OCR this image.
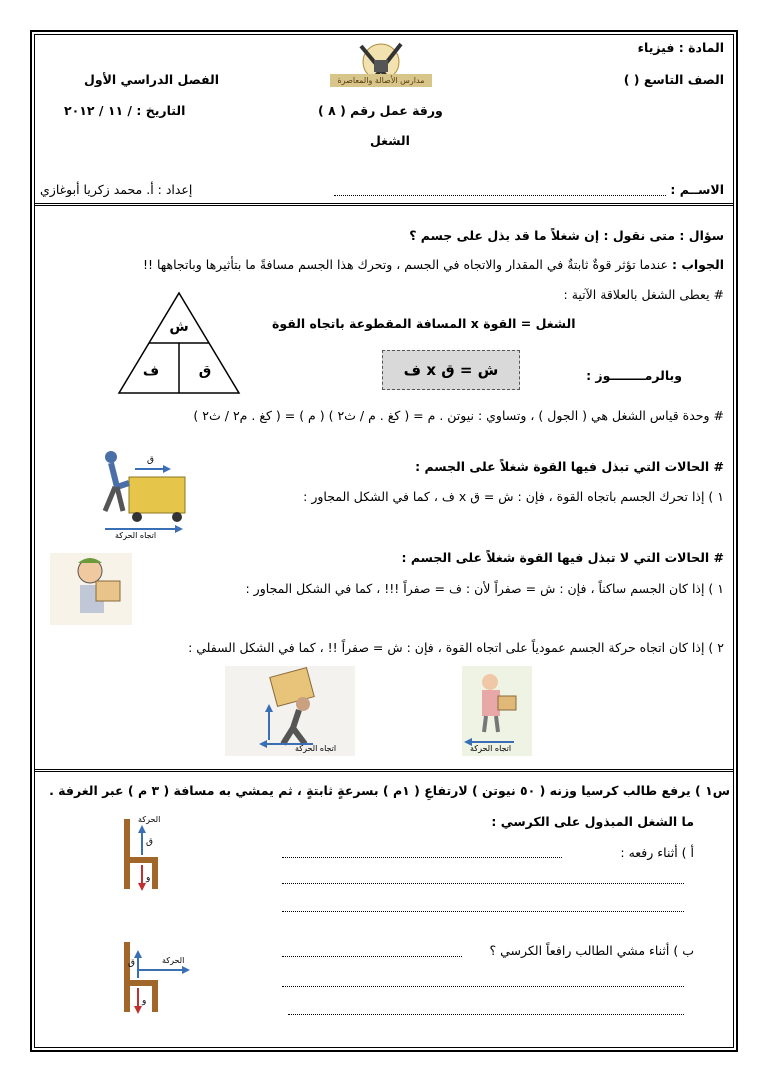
المادة : فيزياء
الصف التاسع ( )
الفصل الدراسي الأول
التاريخ : / ١١ / ٢٠١٢	ورقة عمل رقم ( ٨ )
الشغل
مدارس الأصالة والمعاصرة
الاســم :
إعداد : أ. محمد زكريا أبوغازي
سؤال : متى نقول : إن شغلاً ما قد بذل على جسم ؟
الجواب : عندما تؤثر قوةٌ ثابتةٌ في المقدار والاتجاه في الجسم ، وتحرك هذا الجسم مسافةً ما بتأثيرها وباتجاهها !!
# يعطى الشغل بالعلاقة الآتية :
الشغل = القوة x المسافة المقطوعة باتجاه القوة
ش
ف	ق	وبالرمــــــــوز :
ش = ق x ف
# وحدة قياس الشغل هي ( الجول ) ، وتساوي : نيوتن . م = ( كغ . م / ث٢ ) ( م ) = ( كغ . م٢ / ث٢ )
# الحالات التي تبذل فيها القوة شغلاً على الجسم :
١ ) إذا تحرك الجسم باتجاه القوة ، فإن : ش = ق x ف ، كما في الشكل المجاور :
ق
اتجاه الحركة
# الحالات التي لا تبذل فيها القوة شغلاً على الجسم :
١ ) إذا كان الجسم ساكناً ، فإن : ش = صفراً لأن : ف = صفراً !!! ، كما في الشكل المجاور :
٢ ) إذا كان اتجاه حركة الجسم عمودياً على اتجاه القوة ، فإن : ش = صفراً !! ، كما في الشكل السفلي :
اتجاه الحركة	اتجاه الحركة
س١ ) يرفع طالب كرسيا وزنه ( ٥٠ نيوتن ) لارتفاعِ ( ١م ) بسرعةٍ ثابتةٍ ، ثم يمشي به مسافة ( ٣ م ) عبر الغرفة .
ما الشغل المبذول على الكرسي :
أ ) أثناء رفعه :
ب ) أثناء مشي الطالب رافعاً الكرسي ؟
الحركة
ق
و
الحركة
ق
و
